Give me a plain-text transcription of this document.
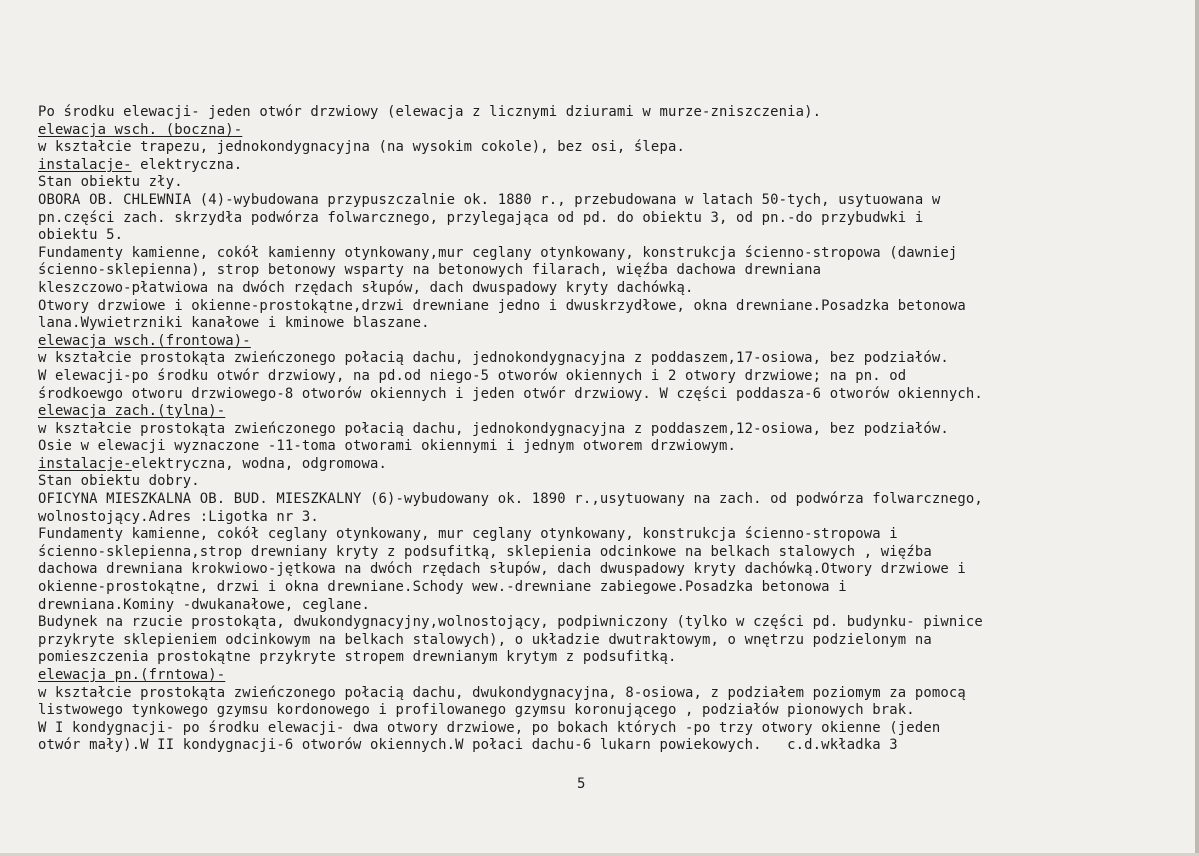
Po środku elewacji- jeden otwór drzwiowy (elewacja z licznymi dziurami w murze-zniszczenia).
elewacja wsch. (boczna)-
w kształcie trapezu, jednokondygnacyjna (na wysokim cokole), bez osi, ślepa.
instalacje- elektryczna.
Stan obiektu zły.
OBORA OB. CHLEWNIA (4)-wybudowana przypuszczalnie ok. 1880 r., przebudowana w latach 50-tych, usytuowana w
pn.części zach. skrzydła podwórza folwarcznego, przylegająca od pd. do obiektu 3, od pn.-do przybudwki i
obiektu 5.
Fundamenty kamienne, cokół kamienny otynkowany,mur ceglany otynkowany, konstrukcja ścienno-stropowa (dawniej
ścienno-sklepienna), strop betonowy wsparty na betonowych filarach, więźba dachowa drewniana
kleszczowo-płatwiowa na dwóch rzędach słupów, dach dwuspadowy kryty dachówką.
Otwory drzwiowe i okienne-prostokątne,drzwi drewniane jedno i dwuskrzydłowe, okna drewniane.Posadzka betonowa
lana.Wywietrzniki kanałowe i kminowe blaszane.
elewacja wsch.(frontowa)-
w kształcie prostokąta zwieńczonego połacią dachu, jednokondygnacyjna z poddaszem,17-osiowa, bez podziałów.
W elewacji-po środku otwór drzwiowy, na pd.od niego-5 otworów okiennych i 2 otwory drzwiowe; na pn. od
środkoewgo otworu drzwiowego-8 otworów okiennych i jeden otwór drzwiowy. W części poddasza-6 otworów okiennych.
elewacja zach.(tylna)-
w kształcie prostokąta zwieńczonego połacią dachu, jednokondygnacyjna z poddaszem,12-osiowa, bez podziałów.
Osie w elewacji wyznaczone -11-toma otworami okiennymi i jednym otworem drzwiowym.
instalacje-elektryczna, wodna, odgromowa.
Stan obiektu dobry.
OFICYNA MIESZKALNA OB. BUD. MIESZKALNY (6)-wybudowany ok. 1890 r.,usytuowany na zach. od podwórza folwarcznego,
wolnostojący.Adres :Ligotka nr 3.
Fundamenty kamienne, cokół ceglany otynkowany, mur ceglany otynkowany, konstrukcja ścienno-stropowa i
ścienno-sklepienna,strop drewniany kryty z podsufitką, sklepienia odcinkowe na belkach stalowych , więźba
dachowa drewniana krokwiowo-jętkowa na dwóch rzędach słupów, dach dwuspadowy kryty dachówką.Otwory drzwiowe i
okienne-prostokątne, drzwi i okna drewniane.Schody wew.-drewniane zabiegowe.Posadzka betonowa i
drewniana.Kominy -dwukanałowe, ceglane.
Budynek na rzucie prostokąta, dwukondygnacyjny,wolnostojący, podpiwniczony (tylko w części pd. budynku- piwnice
przykryte sklepieniem odcinkowym na belkach stalowych), o układzie dwutraktowym, o wnętrzu podzielonym na
pomieszczenia prostokątne przykryte stropem drewnianym krytym z podsufitką.
elewacja pn.(frntowa)-
w kształcie prostokąta zwieńczonego połacią dachu, dwukondygnacyjna, 8-osiowa, z podziałem poziomym za pomocą
listwowego tynkowego gzymsu kordonowego i profilowanego gzymsu koronującego , podziałów pionowych brak.
W I kondygnacji- po środku elewacji- dwa otwory drzwiowe, po bokach których -po trzy otwory okienne (jeden
otwór mały).W II kondygnacji-6 otworów okiennych.W połaci dachu-6 lukarn powiekowych.   c.d.wkładka 3
5
